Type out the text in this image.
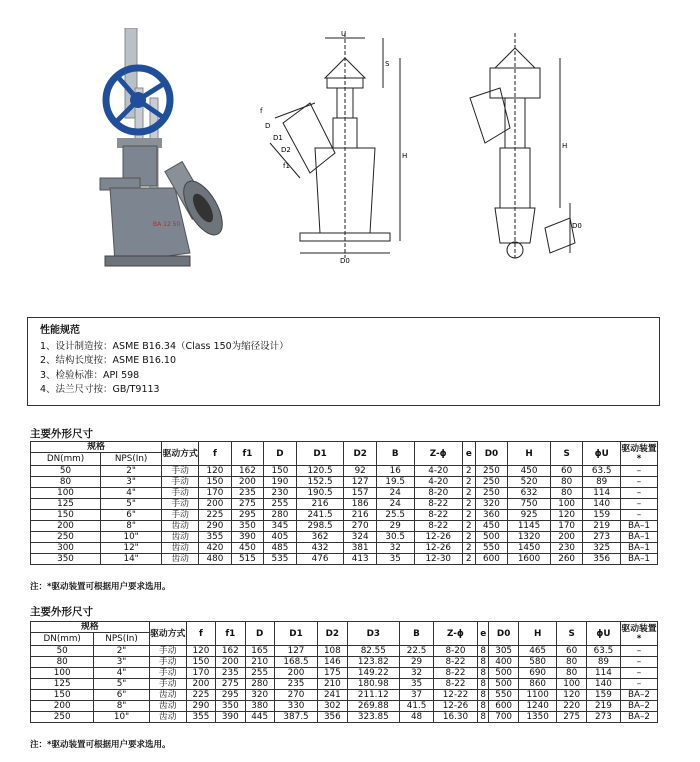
BA 12 50
U
S
H
D0
f
D
D1
D2
f1
H
D0
性能规范
1、设计制造按：ASME B16.34（Class 150为缩径设计）
2、结构长度按：ASME B16.10
3、检验标准：API 598
4、法兰尺寸按：GB/T9113
主要外形尺寸
规格		驱动方式	f	f1	D	D1	D2	B	Z-ϕ	e	D0	H	S	ϕU	驱动装置*
DN(mm)	NPS(In)														
50	2"	手动	120	162	150	120.5	92	16	4-20	2	250	450	60	63.5	–
80	3"	手动	150	200	190	152.5	127	19.5	4-20	2	250	520	80	89	–
100	4"	手动	170	235	230	190.5	157	24	8-20	2	250	632	80	114	–
125	5"	手动	200	275	255	216	186	24	8-22	2	320	750	100	140	–
150	6"	手动	225	295	280	241.5	216	25.5	8-22	2	360	925	120	159	–
200	8"	齿动	290	350	345	298.5	270	29	8-22	2	450	1145	170	219	BA–1
250	10"	齿动	355	390	405	362	324	30.5	12-26	2	500	1320	200	273	BA–1
300	12"	齿动	420	450	485	432	381	32	12-26	2	550	1450	230	325	BA–1
350	14"	齿动	480	515	535	476	413	35	12-30	2	600	1600	260	356	BA–1
注：*驱动装置可根据用户要求选用。
主要外形尺寸
规格		驱动方式	f	f1	D	D1	D2	D3	B	Z-ϕ	e	D0	H	S	ϕU	驱动装置*
DN(mm)	NPS(In)															
50	2"	手动	120	162	165	127	108	82.55	22.5	8-20	8	305	465	60	63.5	–
80	3"	手动	150	200	210	168.5	146	123.82	29	8-22	8	400	580	80	89	–
100	4"	手动	170	235	255	200	175	149.22	32	8-22	8	500	690	80	114	–
125	5"	手动	200	275	280	235	210	180.98	35	8-22	8	500	860	100	140	–
150	6"	齿动	225	295	320	270	241	211.12	37	12-22	8	550	1100	120	159	BA–2
200	8"	齿动	290	350	380	330	302	269.88	41.5	12-26	8	600	1240	220	219	BA–2
250	10"	齿动	355	390	445	387.5	356	323.85	48	16.30	8	700	1350	275	273	BA–2
注：*驱动装置可根据用户要求选用。
